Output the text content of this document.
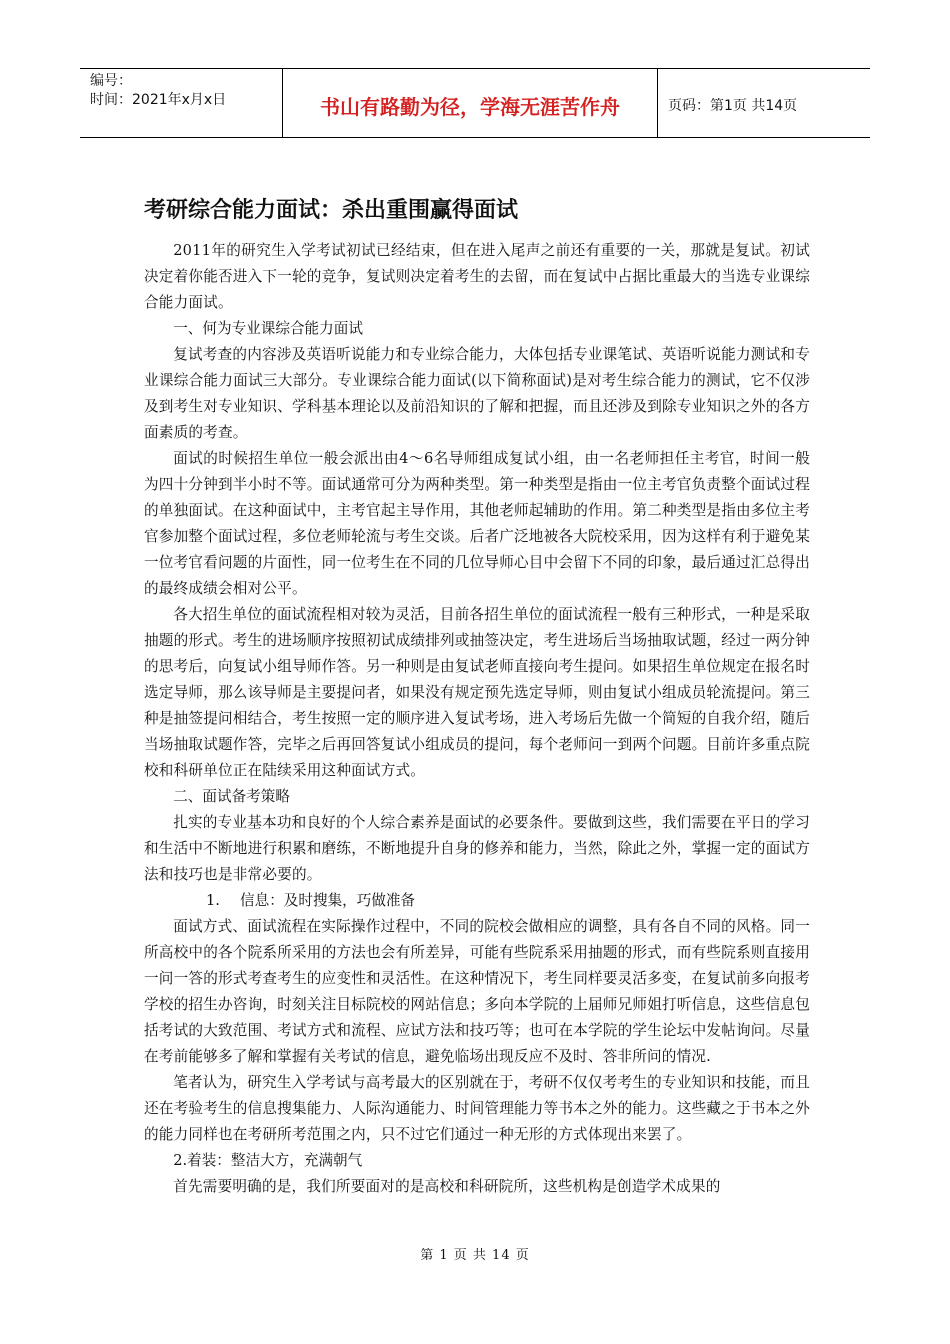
编号：
时间：2021年x月x日	书山有路勤为径，学海无涯苦作舟	页码：第1页 共14页
考研综合能力面试：杀出重围赢得面试

2011年的研究生入学考试初试已经结束，但在进入尾声之前还有重要的一关，那就是复试。初试决定着你能否进入下一轮的竞争，复试则决定着考生的去留，而在复试中占据比重最大的当选专业课综合能力面试。

一、何为专业课综合能力面试

复试考查的内容涉及英语听说能力和专业综合能力，大体包括专业课笔试、英语听说能力测试和专业课综合能力面试三大部分。专业课综合能力面试(以下简称面试)是对考生综合能力的测试，它不仅涉及到考生对专业知识、学科基本理论以及前沿知识的了解和把握，而且还涉及到除专业知识之外的各方面素质的考查。

面试的时候招生单位一般会派出由4～6名导师组成复试小组，由一名老师担任主考官，时间一般为四十分钟到半小时不等。面试通常可分为两种类型。第一种类型是指由一位主考官负责整个面试过程的单独面试。在这种面试中，主考官起主导作用，其他老师起辅助的作用。第二种类型是指由多位主考官参加整个面试过程，多位老师轮流与考生交谈。后者广泛地被各大院校采用，因为这样有利于避免某一位考官看问题的片面性，同一位考生在不同的几位导师心目中会留下不同的印象，最后通过汇总得出的最终成绩会相对公平。

各大招生单位的面试流程相对较为灵活，目前各招生单位的面试流程一般有三种形式，一种是采取抽题的形式。考生的进场顺序按照初试成绩排列或抽签决定，考生进场后当场抽取试题，经过一两分钟的思考后，向复试小组导师作答。另一种则是由复试老师直接向考生提问。如果招生单位规定在报名时选定导师，那么该导师是主要提问者，如果没有规定预先选定导师，则由复试小组成员轮流提问。第三种是抽签提问相结合，考生按照一定的顺序进入复试考场，进入考场后先做一个简短的自我介绍，随后当场抽取试题作答，完毕之后再回答复试小组成员的提问，每个老师问一到两个问题。目前许多重点院校和科研单位正在陆续采用这种面试方式。

二、面试备考策略

扎实的专业基本功和良好的个人综合素养是面试的必要条件。要做到这些，我们需要在平日的学习和生活中不断地进行积累和磨练，不断地提升自身的修养和能力，当然，除此之外，掌握一定的面试方法和技巧也是非常必要的。

1. 信息：及时搜集，巧做准备

面试方式、面试流程在实际操作过程中，不同的院校会做相应的调整，具有各自不同的风格。同一所高校中的各个院系所采用的方法也会有所差异，可能有些院系采用抽题的形式，而有些院系则直接用一问一答的形式考查考生的应变性和灵活性。在这种情况下，考生同样要灵活多变，在复试前多向报考学校的招生办咨询，时刻关注目标院校的网站信息；多向本学院的上届师兄师姐打听信息，这些信息包括考试的大致范围、考试方式和流程、应试方法和技巧等；也可在本学院的学生论坛中发帖询问。尽量在考前能够多了解和掌握有关考试的信息，避免临场出现反应不及时、答非所问的情况.

笔者认为，研究生入学考试与高考最大的区别就在于，考研不仅仅考考生的专业知识和技能，而且还在考验考生的信息搜集能力、人际沟通能力、时间管理能力等书本之外的能力。这些藏之于书本之外的能力同样也在考研所考范围之内，只不过它们通过一种无形的方式体现出来罢了。

2.着装：整洁大方，充满朝气

首先需要明确的是，我们所要面对的是高校和科研院所，这些机构是创造学术成果的

第 1 页 共 14 页
